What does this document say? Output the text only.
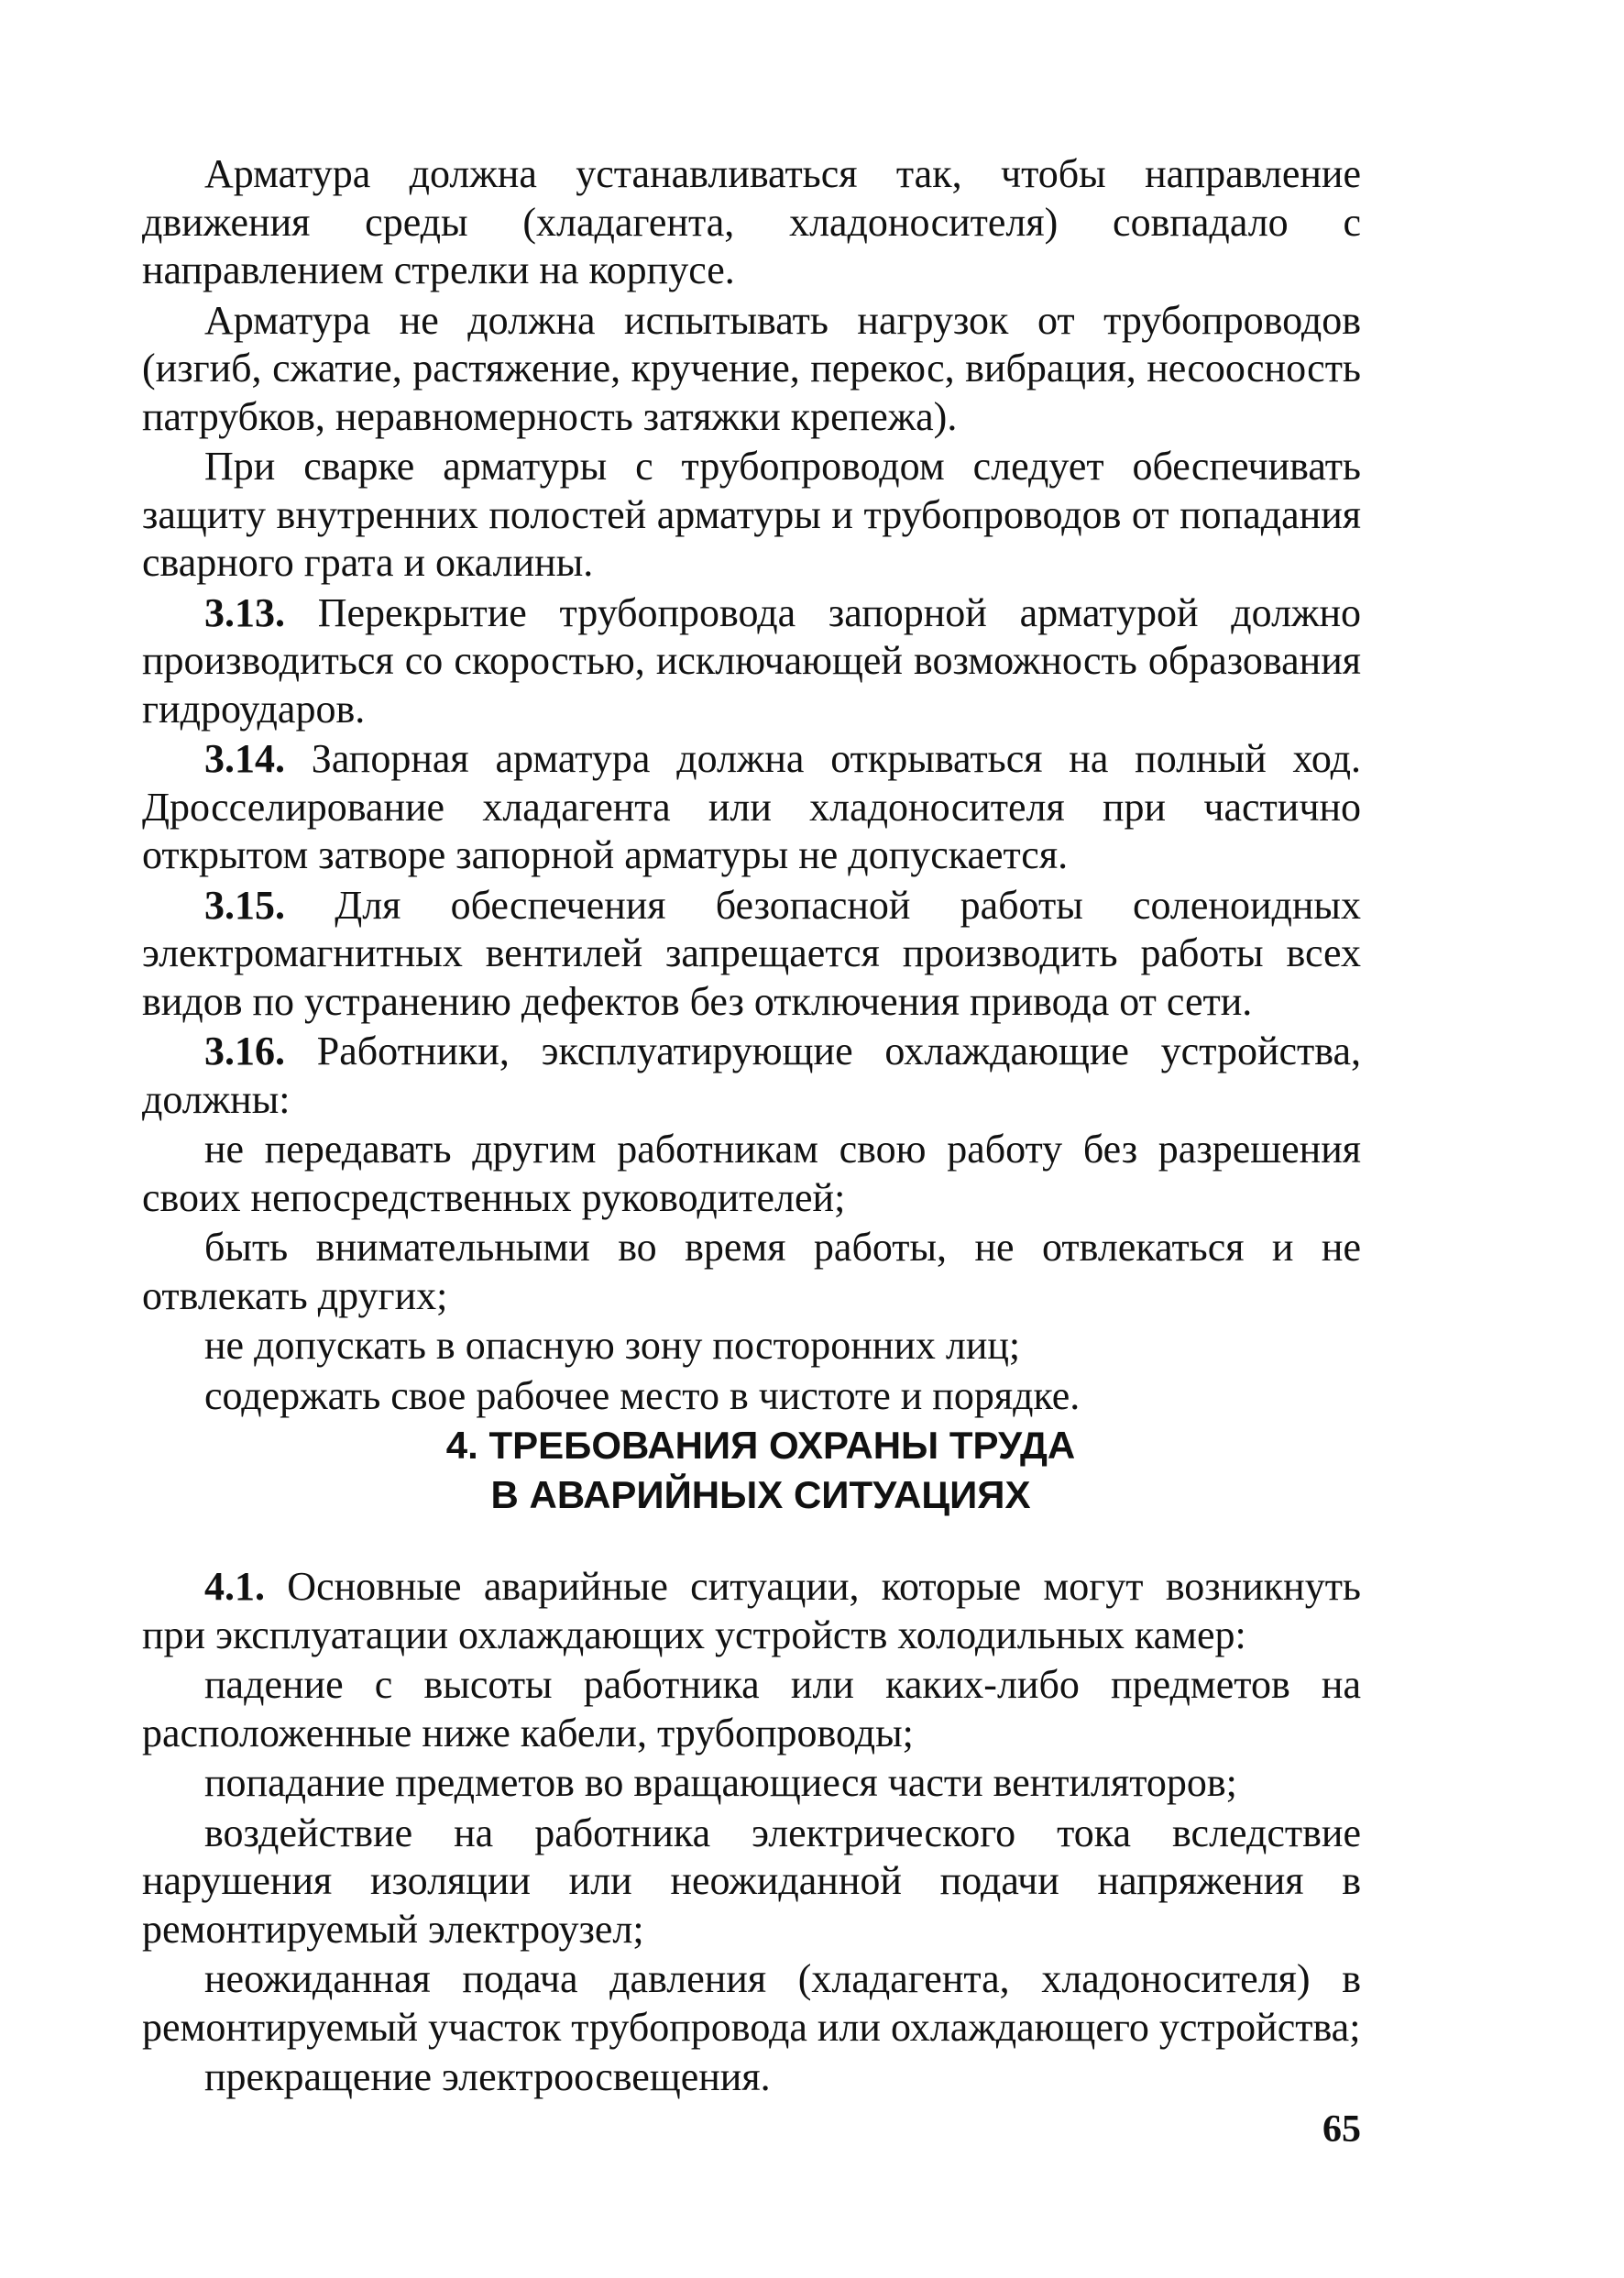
Арматура должна устанавливаться так, чтобы направление движения среды (хладагента, хладоносителя) совпадало с направлением стрелки на корпусе.

Арматура не должна испытывать нагрузок от трубопроводов (изгиб, сжатие, растяжение, кручение, перекос, вибрация, несоосность патрубков, неравномерность затяжки крепежа).

При сварке арматуры с трубопроводом следует обеспечивать защиту внутренних полостей арматуры и трубопроводов от попадания сварного грата и окалины.

3.13. Перекрытие трубопровода запорной арматурой должно производиться со скоростью, исключающей возможность образования гидроударов.

3.14. Запорная арматура должна открываться на полный ход. Дросселирование хладагента или хладоносителя при частично открытом затворе запорной арматуры не допускается.

3.15. Для обеспечения безопасной работы соленоидных электромагнитных вентилей запрещается производить работы всех видов по устранению дефектов без отключения привода от сети.

3.16. Работники, эксплуатирующие охлаждающие устройства, должны:

не передавать другим работникам свою работу без разрешения своих непосредственных руководителей;

быть внимательными во время работы, не отвлекаться и не отвлекать других;

не допускать в опасную зону посторонних лиц;

содержать свое рабочее место в чистоте и порядке.

4. ТРЕБОВАНИЯ ОХРАНЫ ТРУДА
В АВАРИЙНЫХ СИТУАЦИЯХ

4.1. Основные аварийные ситуации, которые могут возникнуть при эксплуатации охлаждающих устройств холодильных камер:

падение с высоты работника или каких-либо предметов на расположенные ниже кабели, трубопроводы;

попадание предметов во вращающиеся части вентиляторов;

воздействие на работника электрического тока вследствие нарушения изоляции или неожиданной подачи напряжения в ремонтируемый электроузел;

неожиданная подача давления (хладагента, хладоносителя) в ремонтируемый участок трубопровода или охлаждающего устройства;

прекращение электроосвещения.

65
